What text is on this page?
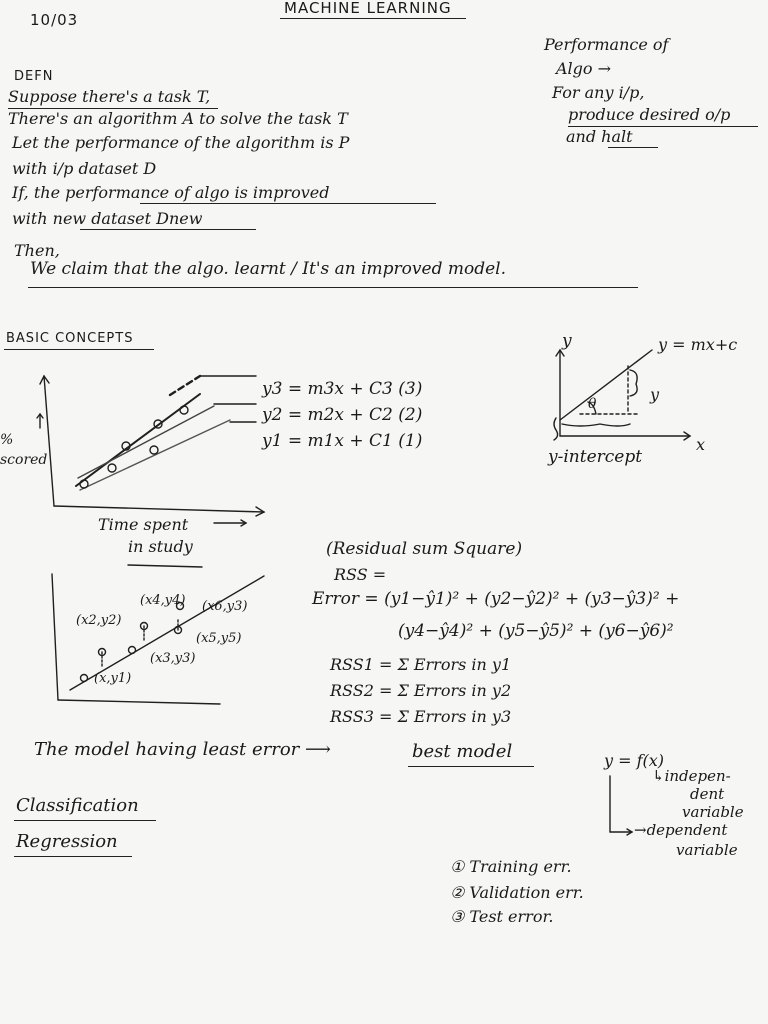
10/03
MACHINE LEARNING
DEFN
Suppose there's a task T,
There's an algorithm A to solve the task T
Let the performance of the algorithm is P
with i/p dataset D
If, the performance of algo is improved
with new dataset Dnew
Then,
We claim that the algo. learnt / It's an improved model.
Performance of
Algo →
For any i/p,
produce desired o/p
and halt
BASIC CONCEPTS
%
scored
Time spent
in study
y3 = m3x + C3 (3)
y2 = m2x + C2 (2)
y1 = m1x + C1 (1)
y	y = mx+c
θ	y
x
y-intercept
(x4,y4) (x6,y3)
(x2,y2)
(x5,y5)
(x3,y3)
(x,y1)
(Residual sum Square)
RSS =
Error = (y1−ŷ1)² + (y2−ŷ2)² + (y3−ŷ3)² +
(y4−ŷ4)² + (y5−ŷ5)² + (y6−ŷ6)²
RSS1 = Σ Errors in y1
RSS2 = Σ Errors in y2
RSS3 = Σ Errors in y3
The model having least error ⟶	best model
Classification
Regression
y = f(x)
↳indepen-
dent
variable
→dependent
variable
① Training err.
② Validation err.
③ Test error.
